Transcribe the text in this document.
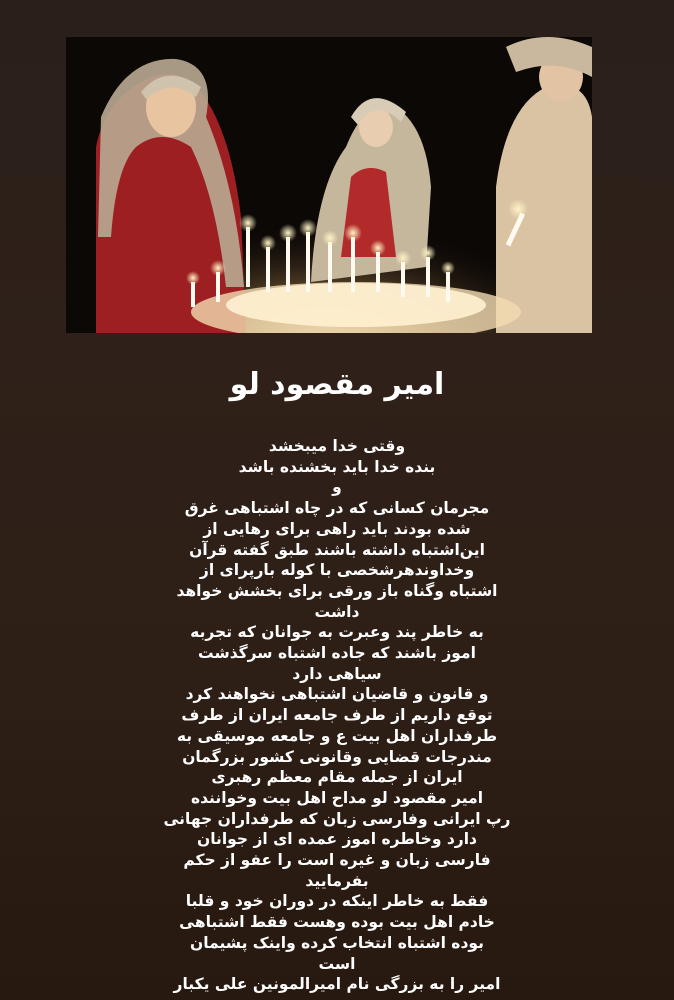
امیر مقصود لو
وقتی خدا میبخشد
بنده خدا باید بخشنده باشد
و
مجرمان کسانی که در چاه اشتباهی غرق
شده بودند باید راهی برای رهایی از
این‌اشتباه داشته باشند طبق گفته قرآن
وخداوندهرشخصی با کوله بارپرای از
اشتباه وگناه باز ورقی برای بخشش خواهد
داشت
به خاطر پند وعبرت به جوانان که تجربه
اموز باشند که جاده اشتباه سرگذشت
سیاهی دارد
و قانون و قاضیان اشتباهی نخواهند کرد
توقع داریم از طرف جامعه ایران از طرف
طرفداران اهل بیت ع و جامعه موسیقی به
مندرجات قضایی وقانونی کشور بزرگمان
ایران از جمله مقام معظم رهبری
امیر مقصود لو مداح اهل بیت وخواننده
رپ ایرانی وفارسی زبان که طرفداران جهانی
دارد وخاطره اموز عمده ای از جوانان
فارسی زبان و غیره است را عفو از حکم
بفرمایید
فقط به خاطر اینکه در دوران خود و قلبا
خادم اهل بیت بوده وهست فقط اشتباهی
بوده اشتباه انتخاب کرده واینک پشیمان
است
امیر را به بزرگی نام امیرالمونین علی یکبار
